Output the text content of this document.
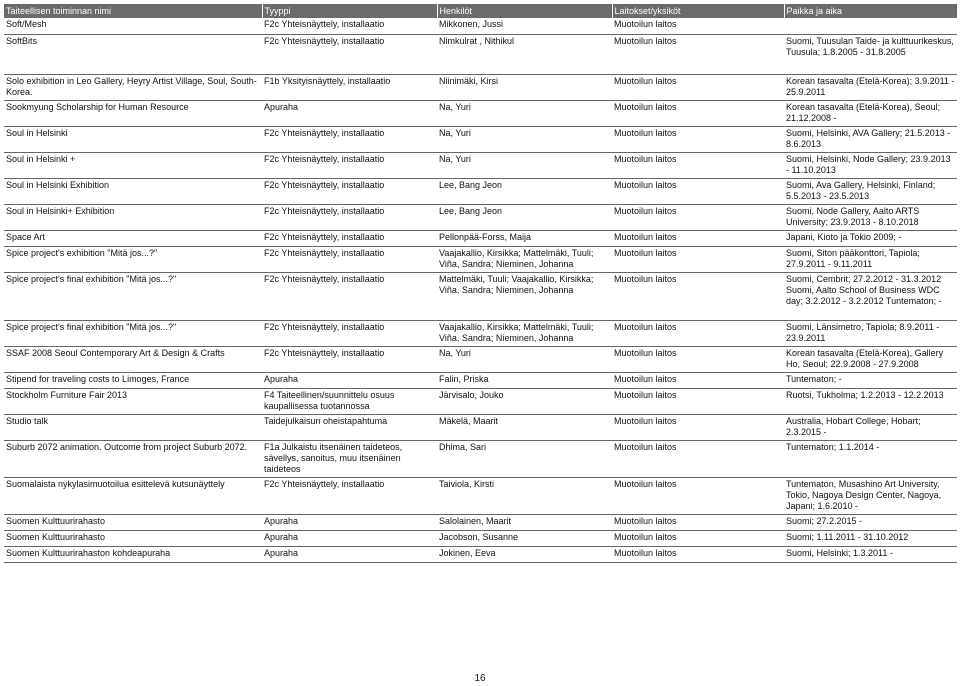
Taiteellisen toiminnan nimi	Tyyppi	Henkilöt	Laitokset/yksiköt	Paikka ja aika
Soft/Mesh	F2c Yhteisnäyttely, installaatio	Mikkonen, Jussi	Muotoilun laitos	
SoftBits	F2c Yhteisnäyttely, installaatio	Nimkulrat , Nithikul	Muotoilun laitos	Suomi, Tuusulan Taide- ja kulttuurikeskus, Tuusula; 1.8.2005 - 31.8.2005
Solo exhibition in Leo Gallery, Heyry Artist Village, Soul, South-Korea.	F1b Yksityisnäyttely, installaatio	Niinimäki, Kirsi	Muotoilun laitos	Korean tasavalta (Etelä-Korea); 3.9.2011 - 25.9.2011
Sookmyung Scholarship for Human Resource	Apuraha	Na, Yuri	Muotoilun laitos	Korean tasavalta (Etelä-Korea), Seoul; 21.12.2008 -
Soul in Helsinki	F2c Yhteisnäyttely, installaatio	Na, Yuri	Muotoilun laitos	Suomi, Helsinki, AVA Gallery; 21.5.2013 - 8.6.2013
Soul in Helsinki +	F2c Yhteisnäyttely, installaatio	Na, Yuri	Muotoilun laitos	Suomi, Helsinki, Node Gallery; 23.9.2013 - 11.10.2013
Soul in Helsinki Exhibition	F2c Yhteisnäyttely, installaatio	Lee, Bang Jeon	Muotoilun laitos	Suomi, Ava Gallery, Helsinki, Finland; 5.5.2013 - 23.5.2013
Soul in Helsinki+ Exhibition	F2c Yhteisnäyttely, installaatio	Lee, Bang Jeon	Muotoilun laitos	Suomi, Node Gallery, Aalto ARTS University; 23.9.2013 - 8.10.2018
Space Art	F2c Yhteisnäyttely, installaatio	Pellonpää-Forss, Maija	Muotoilun laitos	Japani, Kioto ja Tokio 2009; -
Spice project's exhibition "Mitä jos...?"	F2c Yhteisnäyttely, installaatio	Vaajakallio, Kirsikka; Mattelmäki, Tuuli; Viña, Sandra; Nieminen, Johanna	Muotoilun laitos	Suomi, Siton pääkonttori, Tapiola; 27.9.2011 - 9.11.2011
Spice project's final exhibition "Mitä jos...?"	F2c Yhteisnäyttely, installaatio	Mattelmäki, Tuuli; Vaajakallio, Kirsikka; Viña, Sandra; Nieminen, Johanna	Muotoilun laitos	Suomi, Cembrit; 27.2.2012 - 31.3.2012 Suomi, Aalto School of Business WDC day; 3.2.2012 - 3.2.2012 Tuntematon; -
Spice project's final exhibition "Mitä jos...?"	F2c Yhteisnäyttely, installaatio	Vaajakallio, Kirsikka; Mattelmäki, Tuuli; Viña, Sandra; Nieminen, Johanna	Muotoilun laitos	Suomi, Länsimetro, Tapiola; 8.9.2011 - 23.9.2011
SSAF 2008 Seoul Contemporary Art & Design & Crafts	F2c Yhteisnäyttely, installaatio	Na, Yuri	Muotoilun laitos	Korean tasavalta (Etelä-Korea), Gallery Ho, Seoul; 22.9.2008 - 27.9.2008
Stipend for traveling costs to Limoges, France	Apuraha	Falin, Priska	Muotoilun laitos	Tuntematon; -
Stockholm Furniture Fair 2013	F4 Taiteellinen/suunnittelu osuus kaupallisessa tuotannossa	Järvisalo, Jouko	Muotoilun laitos	Ruotsi, Tukholma; 1.2.2013 - 12.2.2013
Studio talk	Taidejulkaisun oheistapahtuma	Mäkelä, Maarit	Muotoilun laitos	Australia, Hobart College, Hobart; 2.3.2015 -
Suburb 2072 animation. Outcome from project Suburb 2072.	F1a Julkaistu itsenäinen taideteos, sävellys, sanoitus, muu itsenäinen taideteos	Dhima, Sari	Muotoilun laitos	Tuntematon; 1.1.2014 -
Suomalaista nykylasimuotoilua esittelevä kutsunäyttely	F2c Yhteisnäyttely, installaatio	Taiviola, Kirsti	Muotoilun laitos	Tuntematon, Musashino Art University, Tokio, Nagoya Design Center, Nagoya, Japani; 1.6.2010 -
Suomen Kulttuurirahasto	Apuraha	Salolainen, Maarit	Muotoilun laitos	Suomi; 27.2.2015 -
Suomen Kulttuurirahasto	Apuraha	Jacobson, Susanne	Muotoilun laitos	Suomi; 1.11.2011 - 31.10.2012
Suomen Kulttuurirahaston kohdeapuraha	Apuraha	Jokinen, Eeva	Muotoilun laitos	Suomi, Helsinki; 1.3.2011 -
16
